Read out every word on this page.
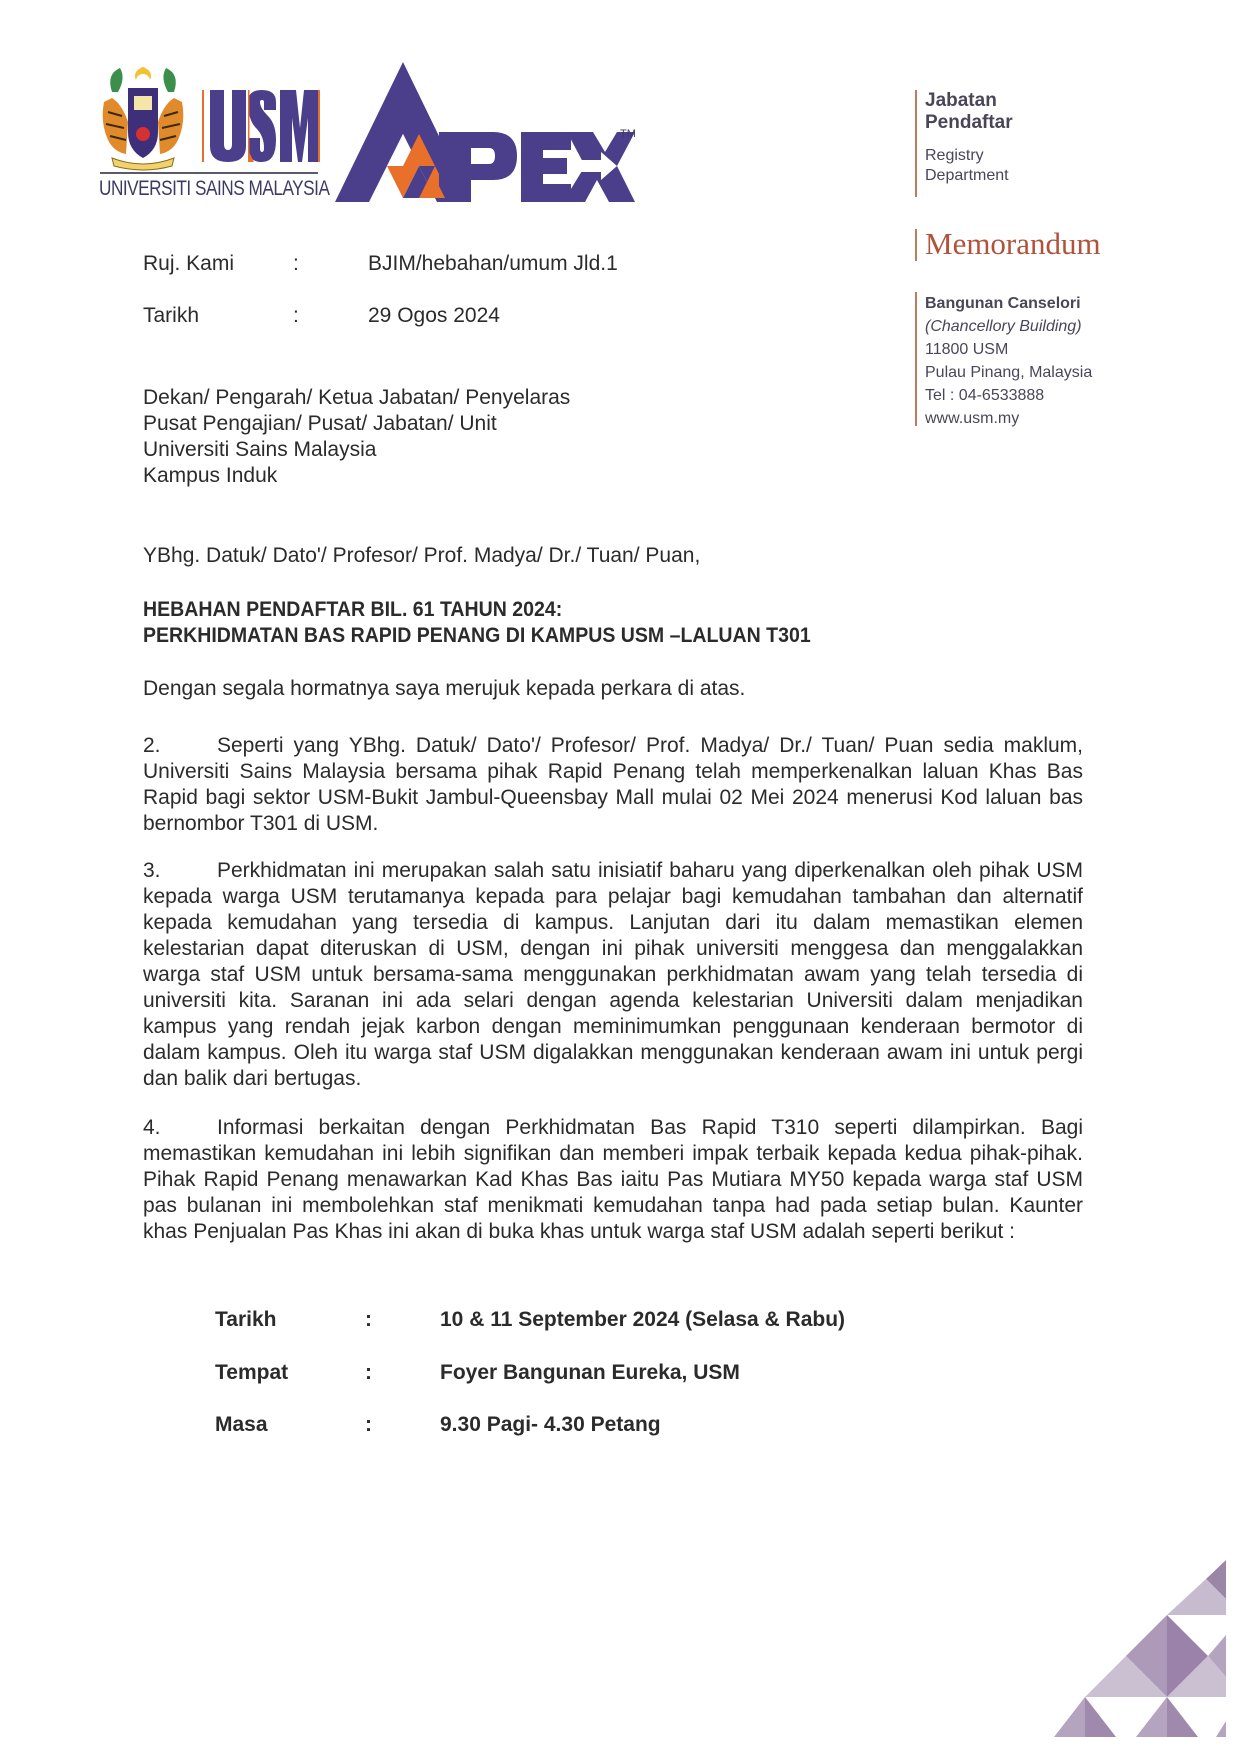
UNIVERSITI SAINS MALAYSIA
TM
Jabatan
Pendaftar
Registry
Department
Memorandum
Bangunan Canselori
(Chancellory Building)
11800 USM
Pulau Pinang, Malaysia
Tel : 04-6533888
www.usm.my
Ruj. Kami	:	BJIM/hebahan/umum Jld.1
Tarikh	:	29 Ogos 2024
Dekan/ Pengarah/ Ketua Jabatan/ Penyelaras
Pusat Pengajian/ Pusat/ Jabatan/ Unit
Universiti Sains Malaysia
Kampus Induk
YBhg. Datuk/ Dato'/ Profesor/ Prof. Madya/ Dr./ Tuan/ Puan,
HEBAHAN PENDAFTAR BIL. 61 TAHUN 2024:
PERKHIDMATAN BAS RAPID PENANG DI KAMPUS USM –LALUAN T301
Dengan segala hormatnya saya merujuk kepada perkara di atas.
2.	Seperti yang YBhg. Datuk/ Dato'/ Profesor/ Prof. Madya/ Dr./ Tuan/ Puan sedia maklum, Universiti Sains Malaysia bersama pihak Rapid Penang telah memperkenalkan laluan Khas Bas Rapid bagi sektor USM-Bukit Jambul-Queensbay Mall mulai 02 Mei 2024 menerusi Kod laluan bas bernombor T301 di USM.
3.	Perkhidmatan ini merupakan salah satu inisiatif baharu yang diperkenalkan oleh pihak USM kepada warga USM terutamanya kepada para pelajar bagi kemudahan tambahan dan alternatif kepada kemudahan yang tersedia di kampus. Lanjutan dari itu dalam memastikan elemen kelestarian dapat diteruskan di USM, dengan ini pihak universiti menggesa dan menggalakkan warga staf USM untuk bersama-sama menggunakan perkhidmatan awam yang telah tersedia di universiti kita. Saranan ini ada selari dengan agenda kelestarian Universiti dalam menjadikan kampus yang rendah jejak karbon dengan meminimumkan penggunaan kenderaan bermotor di dalam kampus. Oleh itu warga staf USM digalakkan menggunakan kenderaan awam ini untuk pergi dan balik dari bertugas.
4.	Informasi berkaitan dengan Perkhidmatan Bas Rapid T310 seperti dilampirkan. Bagi memastikan kemudahan ini lebih signifikan dan memberi impak terbaik kepada kedua pihak-pihak. Pihak Rapid Penang menawarkan Kad Khas Bas iaitu Pas Mutiara MY50 kepada warga staf USM pas bulanan ini membolehkan staf menikmati kemudahan tanpa had pada setiap bulan. Kaunter khas Penjualan Pas Khas ini akan di buka khas untuk warga staf USM adalah seperti berikut :
Tarikh	:	10 & 11 September 2024 (Selasa & Rabu)
Tempat	:	Foyer Bangunan Eureka, USM
Masa	:	9.30 Pagi- 4.30 Petang
